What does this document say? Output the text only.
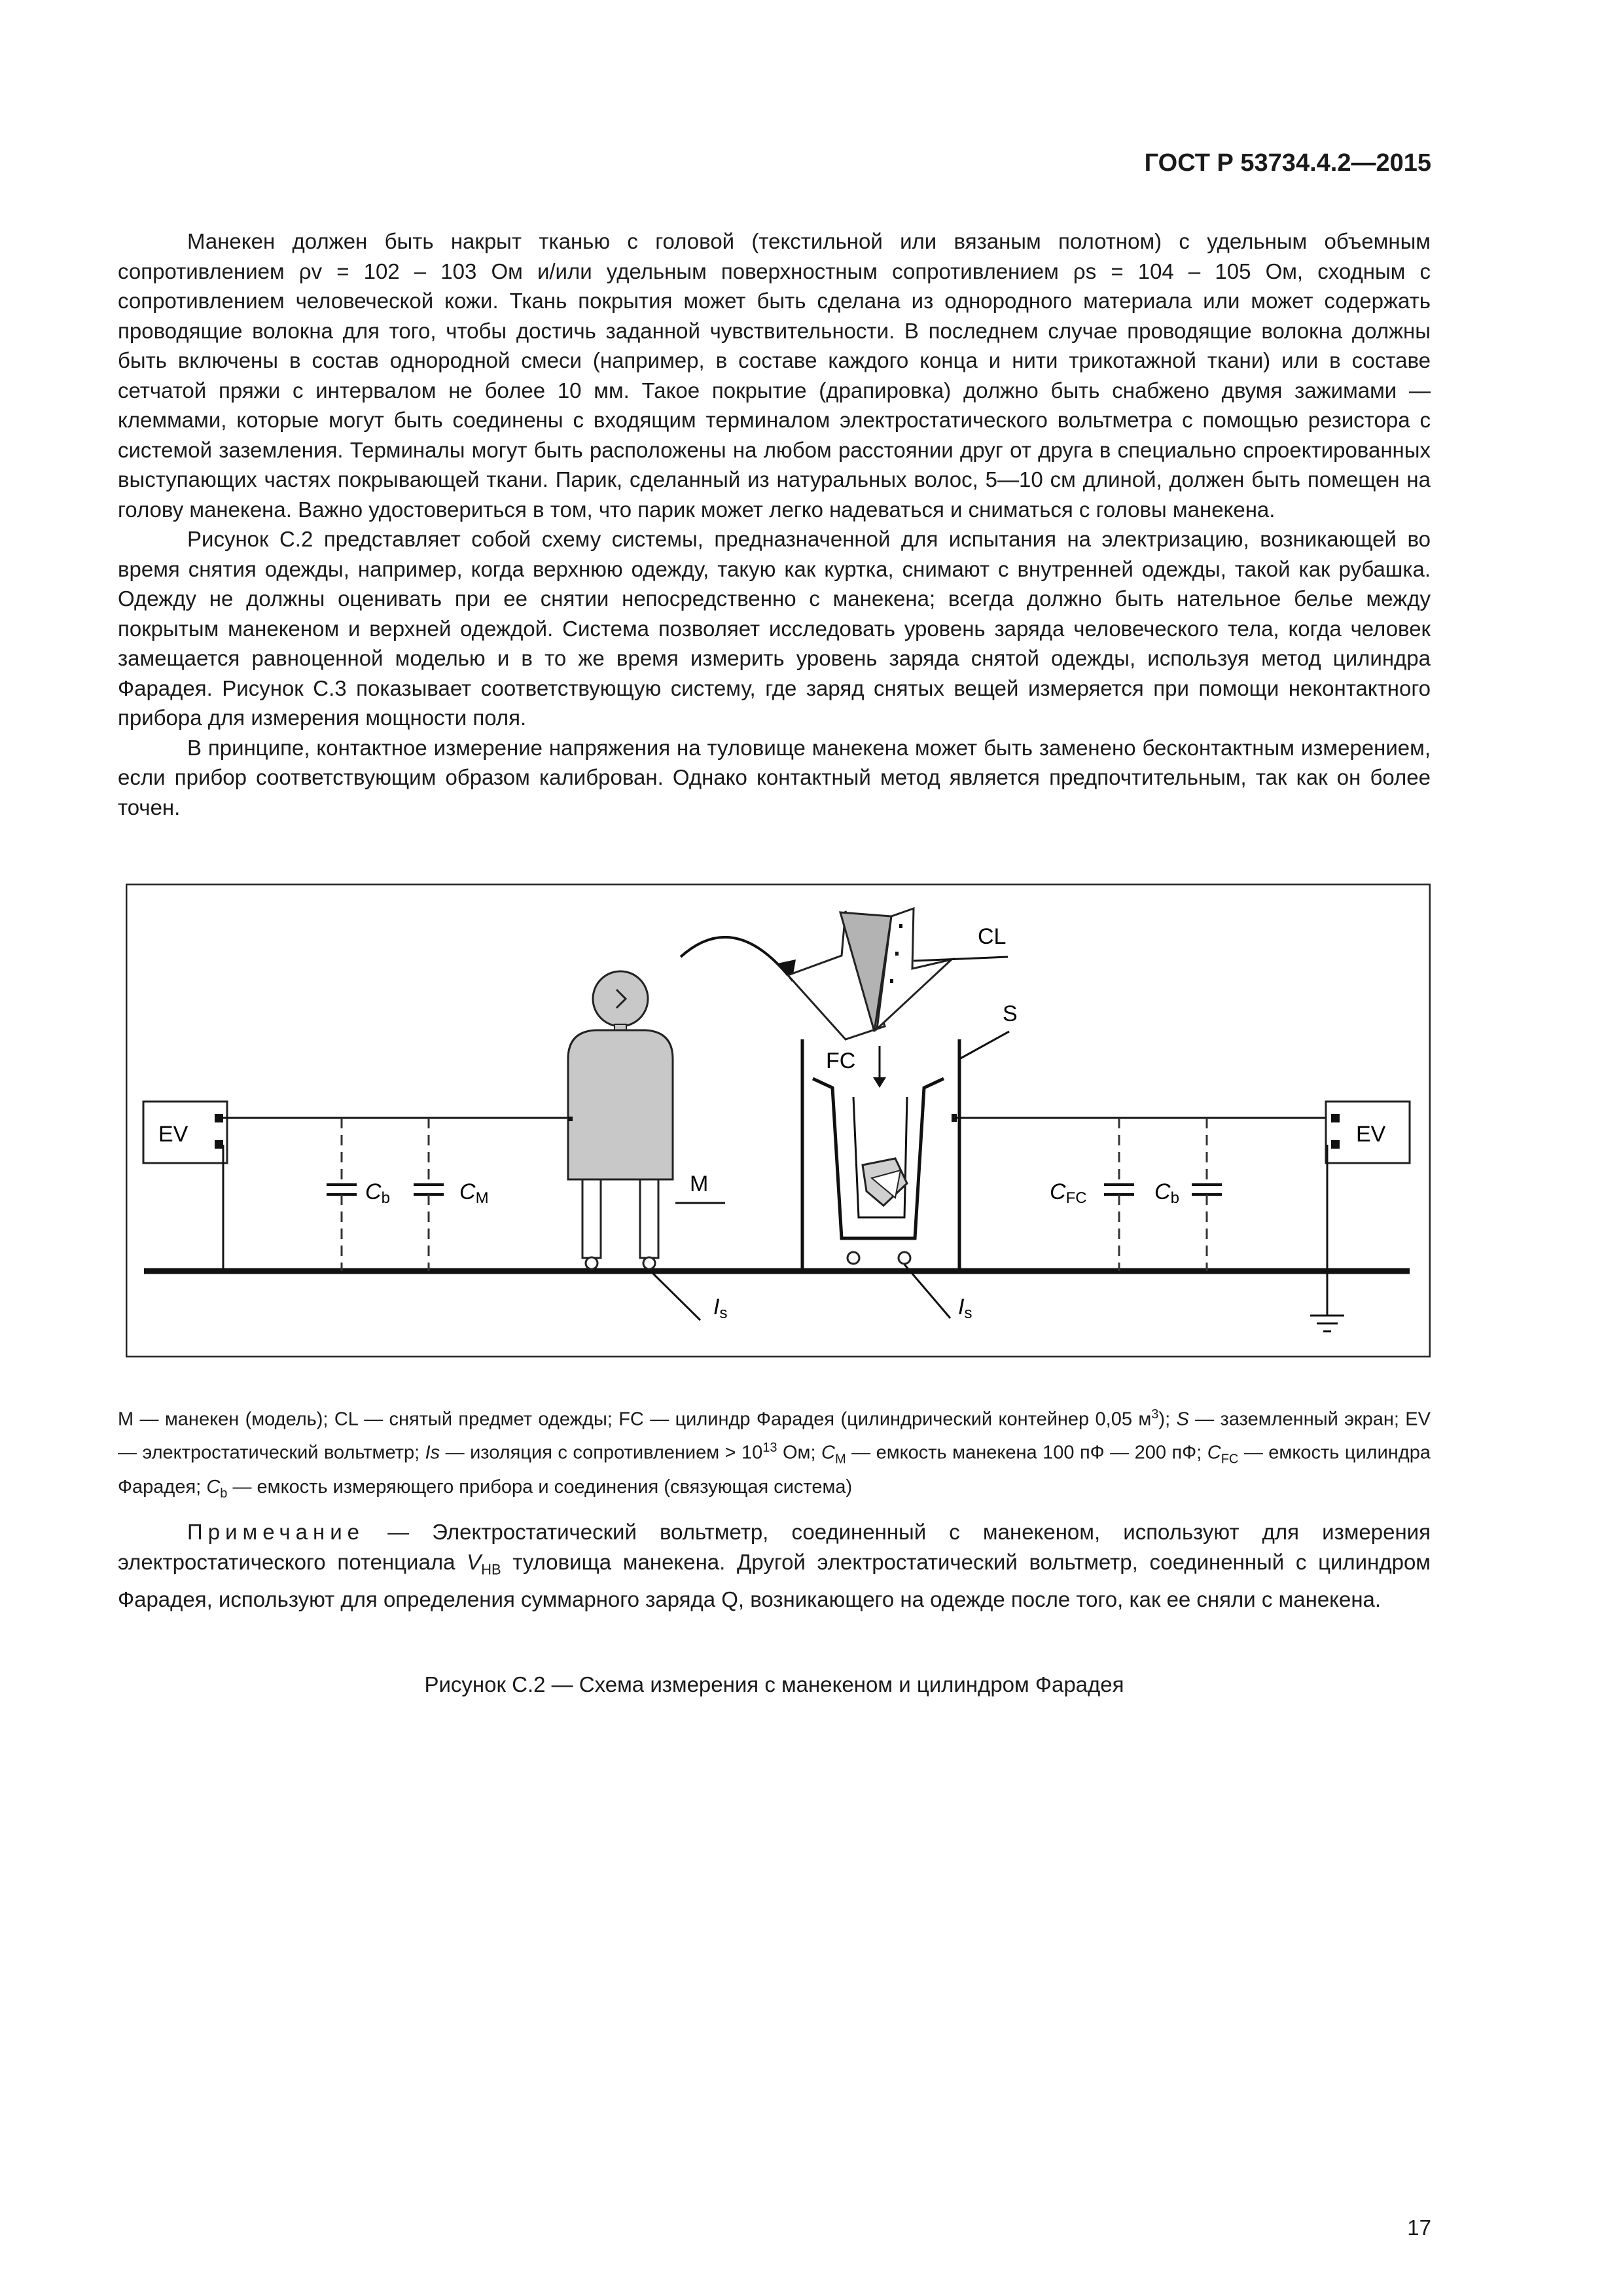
ГОСТ Р 53734.4.2—2015

Манекен должен быть накрыт тканью с головой (текстильной или вязаным полотном) с удельным объемным сопротивлением ρv = 102 – 103 Ом и/или удельным поверхностным сопротивлением ρs = 104 – 105 Ом, сходным с сопротивлением человеческой кожи. Ткань покрытия может быть сделана из однородного материала или может содержать проводящие волокна для того, чтобы достичь заданной чувствительности. В последнем случае проводящие волокна должны быть включены в состав однородной смеси (например, в составе каждого конца и нити трикотажной ткани) или в составе сетчатой пряжи с интервалом не более 10 мм. Такое покрытие (драпировка) должно быть снабжено двумя зажимами — клеммами, которые могут быть соединены с входящим терминалом электростатического вольтметра с помощью резистора с системой заземления. Терминалы могут быть расположены на любом расстоянии друг от друга в специально спроектированных выступающих частях покрывающей ткани. Парик, сделанный из натуральных волос, 5—10 см длиной, должен быть помещен на голову манекена. Важно удостовериться в том, что парик может легко надеваться и сниматься с головы манекена.

Рисунок С.2 представляет собой схему системы, предназначенной для испытания на электризацию, возникающей во время снятия одежды, например, когда верхнюю одежду, такую как куртка, снимают с внутренней одежды, такой как рубашка. Одежду не должны оценивать при ее снятии непосредственно с манекена; всегда должно быть нательное белье между покрытым манекеном и верхней одеждой. Система позволяет исследовать уровень заряда человеческого тела, когда человек замещается равноценной моделью и в то же время измерить уровень заряда снятой одежды, используя метод цилиндра Фарадея. Рисунок С.3 показывает соответствующую систему, где заряд снятых вещей измеряется при помощи неконтактного прибора для измерения мощности поля.

В принципе, контактное измерение напряжения на туловище манекена может быть заменено бесконтактным измерением, если прибор соответствующим образом калиброван. Однако контактный метод является предпочтительным, так как он более точен.

EV
Cb	CM
M
Is
CL
S
FC
Is
CFC	Cb
EV
M — манекен (модель); CL — снятый предмет одежды; FC — цилиндр Фарадея (цилиндрический контейнер 0,05 $м^3$); S — заземленный экран; EV — электростатический вольтметр; Is — изоляция с сопротивлением > $10^{13}$ Ом; $C_M$ — емкость манекена 100 пФ — 200 пФ; $C_{FC}$ — емкость цилиндра Фарадея; $C_b$ — емкость измеряющего прибора и соединения (связующая система)

Примечание — Электростатический вольтметр, соединенный с манекеном, используют для измерения электростатического потенциала $V_{HB}$ туловища манекена. Другой электростатический вольтметр, соединенный с цилиндром Фарадея, используют для определения суммарного заряда Q, возникающего на одежде после того, как ее сняли с манекена.

Рисунок С.2 — Схема измерения с манекеном и цилиндром Фарадея
17
